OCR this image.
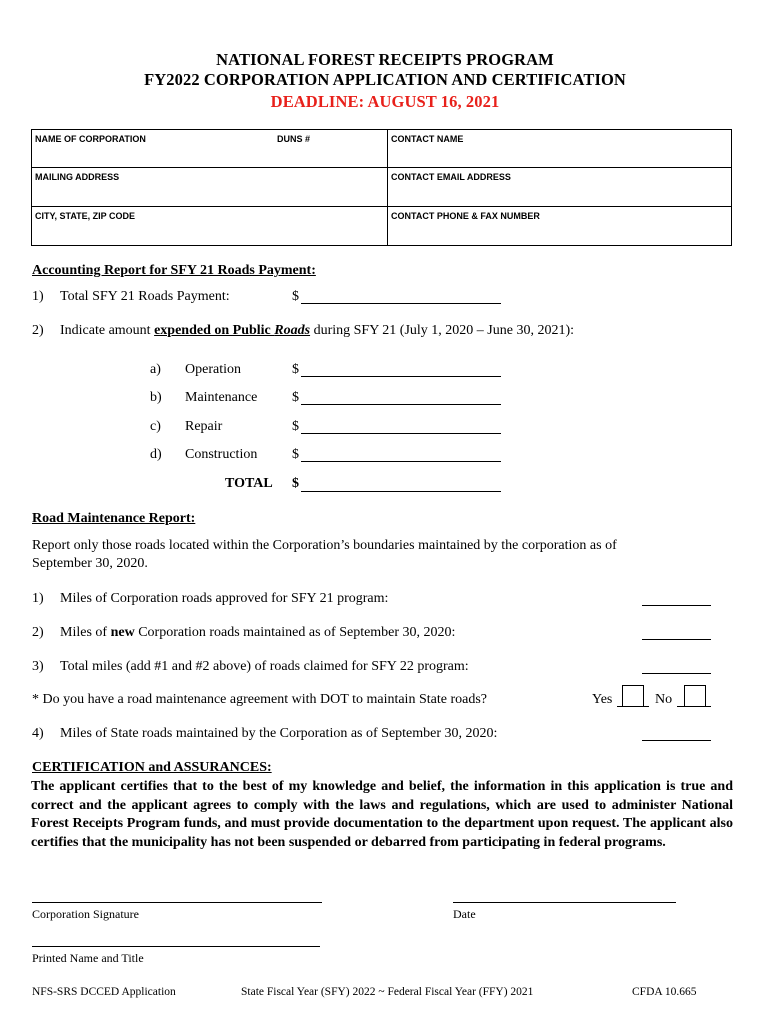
NATIONAL FOREST RECEIPTS PROGRAM
FY2022 CORPORATION APPLICATION AND CERTIFICATION
DEADLINE: AUGUST 16, 2021
NAME OF CORPORATION DUNS #	CONTACT NAME
MAILING ADDRESS	CONTACT EMAIL ADDRESS
CITY, STATE, ZIP CODE	CONTACT PHONE & FAX NUMBER
Accounting Report for SFY 21 Roads Payment:
1) Total SFY 21 Roads Payment:	$
2) Indicate amount expended on Public Roads during SFY 21 (July 1, 2020 – June 30, 2021):
a) Operation	$
b) Maintenance $
c) Repair	$
d) Construction $
TOTAL $
Road Maintenance Report:
Report only those roads located within the Corporation’s boundaries maintained by the corporation as of
September 30, 2020.
1) Miles of Corporation roads approved for SFY 21 program:
2) Miles of new Corporation roads maintained as of September 30, 2020:
3) Total miles (add #1 and #2 above) of roads claimed for SFY 22 program:
* Do you have a road maintenance agreement with DOT to maintain State roads?	Yes	No
4) Miles of State roads maintained by the Corporation as of September 30, 2020:
CERTIFICATION and ASSURANCES:
The applicant certifies that to the best of my knowledge and belief, the information in this application is true and correct and the applicant agrees to comply with the laws and regulations, which are used to administer National Forest Receipts Program funds, and must provide documentation to the department upon request. The applicant also certifies that the municipality has not been suspended or debarred from participating in federal programs.
Corporation Signature	Date
Printed Name and Title
NFS-SRS DCCED Application	State Fiscal Year (SFY) 2022 ~ Federal Fiscal Year (FFY) 2021	CFDA 10.665
